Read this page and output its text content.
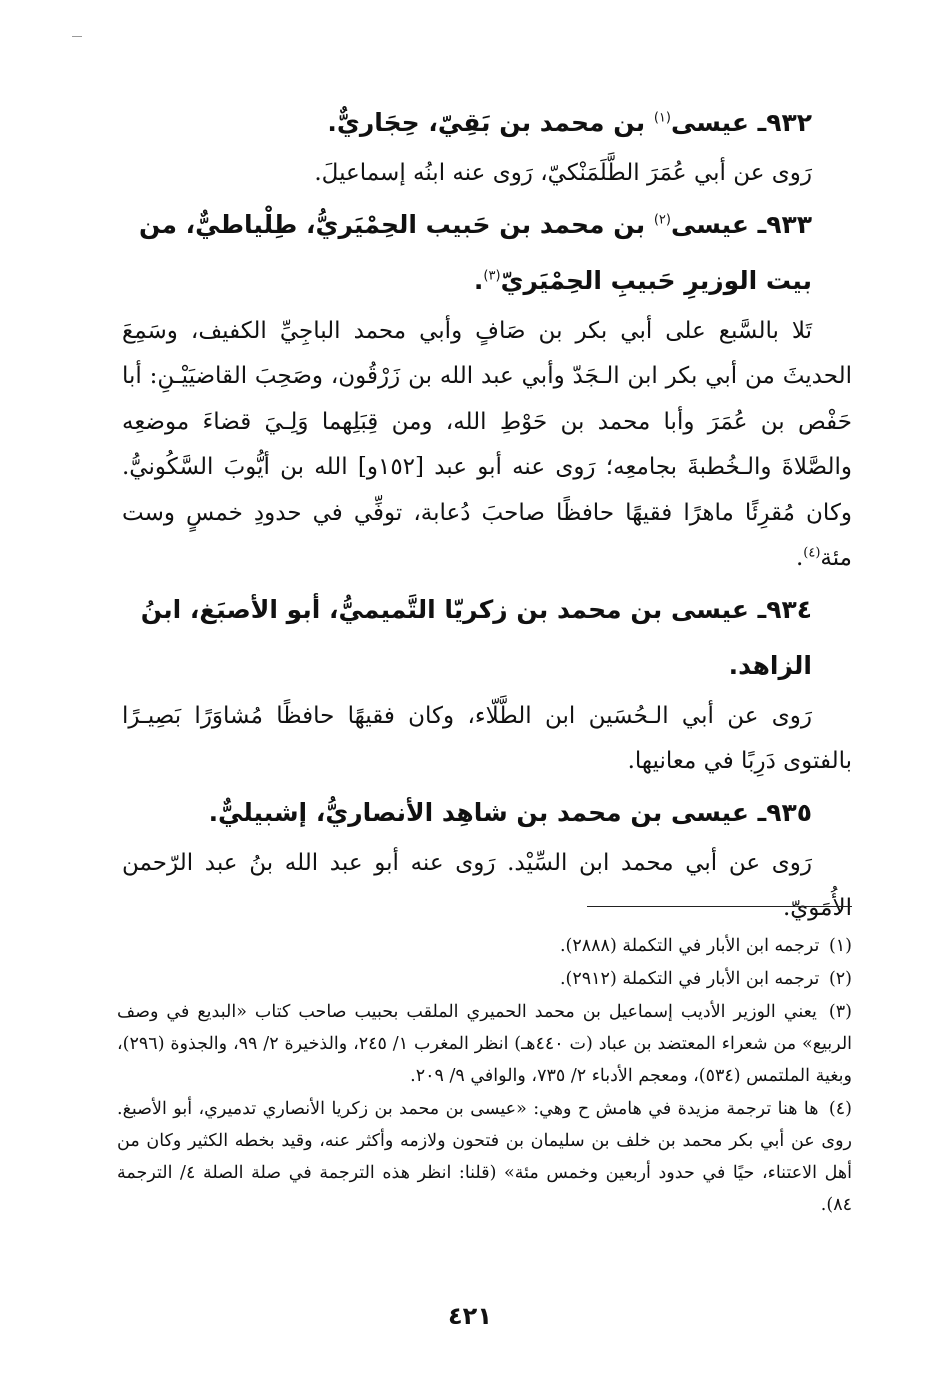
٩٣٢ـ عيسى$^{(١)}$ بن محمد بن بَقِيّ، حِجَاريٌّ.

رَوى عن أبي عُمَرَ الطَّلَمَنْكيّ، رَوى عنه ابنُه إسماعيلَ.

٩٣٣ـ عيسى$^{(٢)}$ بن محمد بن حَبيب الحِمْيَريُّ، طِلْياطيٌّ، من بيت الوزيرِ حَبيبِ الحِمْيَريّ$^{(٣)}$.

تَلا بالسَّبع على أبي بكر بن صَافٍ وأبي محمد الباجِيِّ الكفيف، وسَمِعَ الحديثَ من أبي بكر ابن الـجَدّ وأبي عبد الله بن زَرْقُون، وصَحِبَ القاضيَيْـنِ: أبا حَفْص بن عُمَرَ وأبا محمد بن حَوْطِ الله، ومن قِبَلِهما وَلِـيَ قضاءَ موضعِه والصَّلاةَ والـخُطبةَ بجامعِه؛ رَوى عنه أبو عبد [١٥٢و] الله بن أيُّوبَ السَّكُونيُّ. وكان مُقرِئًا ماهرًا فقيهًا حافظًا صاحبَ دُعابة، توفِّي في حدودِ خمسٍ وست مئة$^{(٤)}$.

٩٣٤ـ عيسى بن محمد بن زكريّا التَّميميُّ، أبو الأصبَغ، ابنُ الزاهد.

رَوى عن أبي الـحُسَين ابن الطَّلّاء، وكان فقيهًا حافظًا مُشاوَرًا بَصِيـرًا بالفتوى دَرِبًا في معانيها.

٩٣٥ـ عيسى بن محمد بن شاهِد الأنصاريُّ، إشبيليٌّ.

رَوى عن أبي محمد ابن السِّيْد. رَوى عنه أبو عبد الله بنُ عبد الرّحمن الأُمَويّ.

(١) ترجمه ابن الأبار في التكملة (٢٨٨٨).

(٢) ترجمه ابن الأبار في التكملة (٢٩١٢).

(٣) يعني الوزير الأديب إسماعيل بن محمد الحميري الملقب بحبيب صاحب كتاب «البديع في وصف الربيع» من شعراء المعتضد بن عباد (ت ٤٤٠هـ) انظر المغرب ١/ ٢٤٥، والذخيرة ٢/ ٩٩، والجذوة (٢٩٦)، وبغية الملتمس (٥٣٤)، ومعجم الأدباء ٢/ ٧٣٥، والوافي ٩/ ٢٠٩.

(٤) ها هنا ترجمة مزيدة في هامش ح وهي: «عيسى بن محمد بن زكريا الأنصاري تدميري، أبو الأصبغ. روى عن أبي بكر محمد بن خلف بن سليمان بن فتحون ولازمه وأكثر عنه، وقيد بخطه الكثير وكان من أهل الاعتناء، حيًا في حدود أربعين وخمس مئة» (قلنا: انظر هذه الترجمة في صلة الصلة ٤/ الترجمة ٨٤).

٤٢١
